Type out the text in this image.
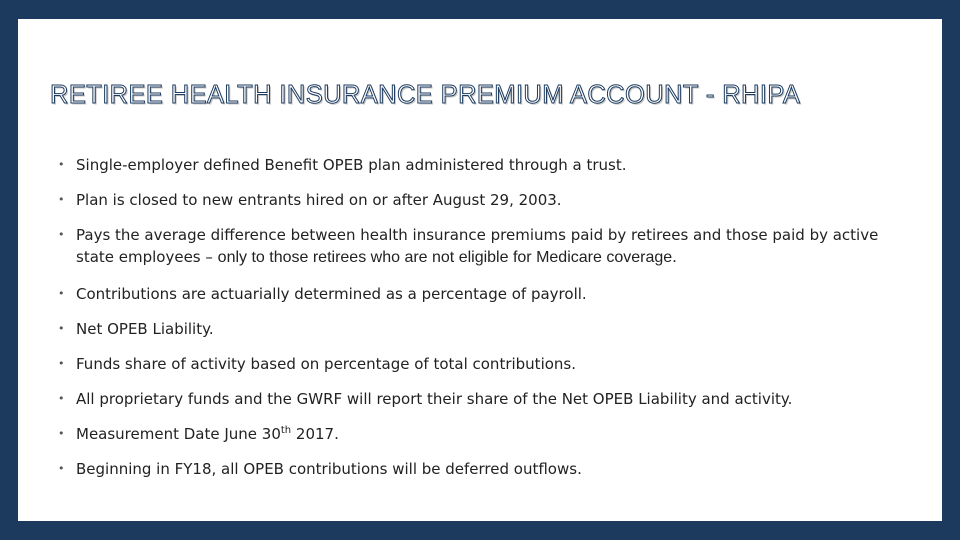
RETIREE HEALTH INSURANCE PREMIUM ACCOUNT - RHIPA
• Single-employer defined Benefit OPEB plan administered through a trust.
• Plan is closed to new entrants hired on or after August 29, 2003.
• Pays the average difference between health insurance premiums paid by retirees and those paid by active state employees – only to those retirees who are not eligible for Medicare coverage.
• Contributions are actuarially determined as a percentage of payroll.
• Net OPEB Liability.
• Funds share of activity based on percentage of total contributions.
• All proprietary funds and the GWRF will report their share of the Net OPEB Liability and activity.
• Measurement Date June 30th 2017.
• Beginning in FY18, all OPEB contributions will be deferred outflows.
